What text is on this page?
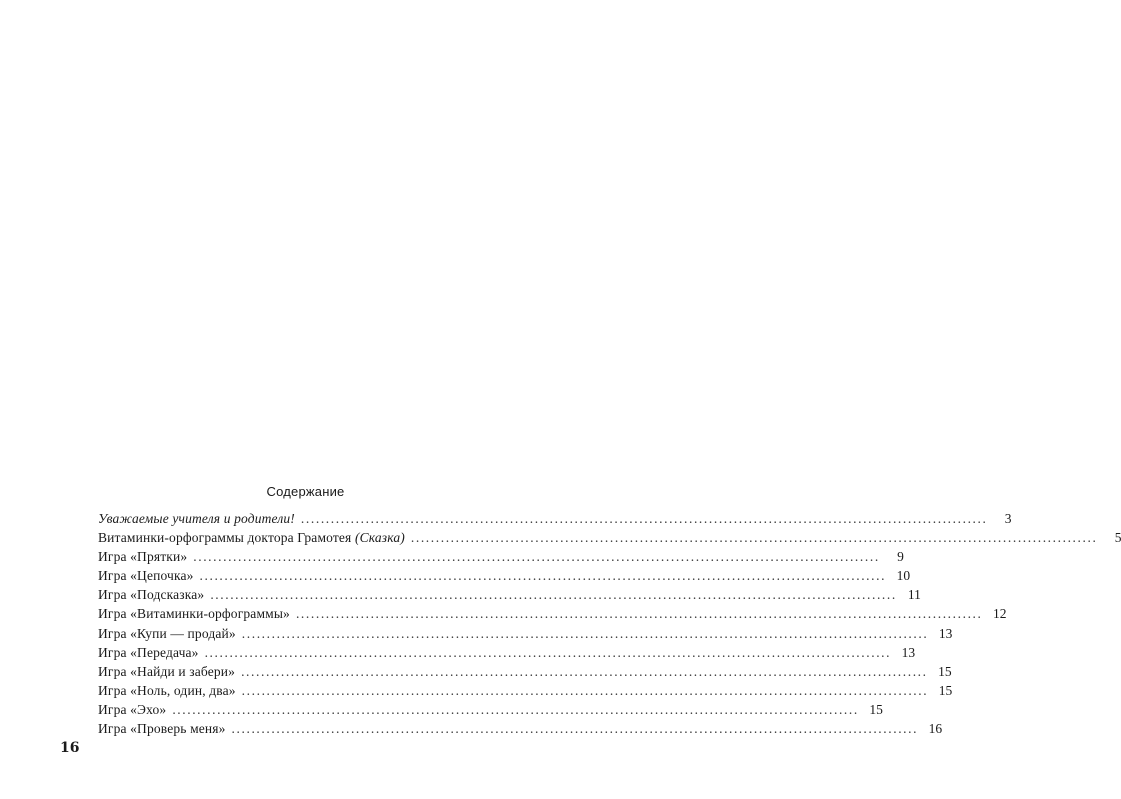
Содержание
Уважаемые учителя и родители! ..........................................................................................................................................	3
Витаминки-орфограммы доктора Грамотея (Сказка) ..........................................................................................................................................	5
Игра «Прятки» ..........................................................................................................................................	9
Игра «Цепочка» .......................................................................................................................................... 10
Игра «Подсказка» .......................................................................................................................................... 11
Игра «Витаминки-орфограммы» .......................................................................................................................................... 12
Игра «Купи — продай» .......................................................................................................................................... 13
Игра «Передача» .......................................................................................................................................... 13
Игра «Найди и забери» .......................................................................................................................................... 15
Игра «Ноль, один, два» .......................................................................................................................................... 15
Игра «Эхо» .......................................................................................................................................... 15
Игра «Проверь меня» .......................................................................................................................................... 16
16
